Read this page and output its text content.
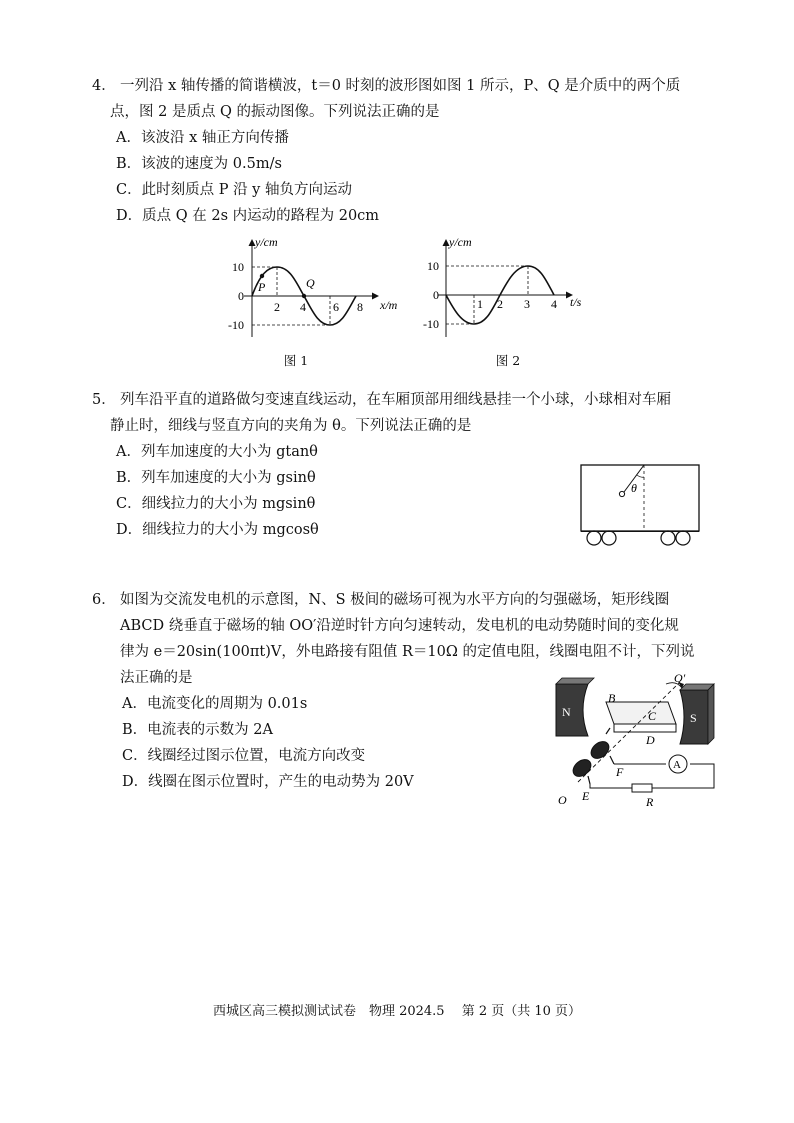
4． 一列沿 x 轴传播的简谐横波，t＝0 时刻的波形图如图 1 所示，P、Q 是介质中的两个质
点，图 2 是质点 Q 的振动图像。下列说法正确的是
A．该波沿 x 轴正方向传播
B．该波的速度为 0.5m/s
C．此时刻质点 P 沿 y 轴负方向运动
D．质点 Q 在 2s 内运动的路程为 20cm
y/cm
x/m
10
0
-10
2 4 6 8
P	Q
图 1
y/cm
t/s
10
0
-10
1 2 3 4
图 2
5． 列车沿平直的道路做匀变速直线运动，在车厢顶部用细线悬挂一个小球，小球相对车厢
静止时，细线与竖直方向的夹角为 θ。下列说法正确的是
A．列车加速度的大小为 gtanθ
B．列车加速度的大小为 gsinθ
C．细线拉力的大小为 mgsinθ
D．细线拉力的大小为 mgcosθ
θ
6． 如图为交流发电机的示意图，N、S 极间的磁场可视为水平方向的匀强磁场，矩形线圈
ABCD 绕垂直于磁场的轴 OO′沿逆时针方向匀速转动，发电机的电动势随时间的变化规
律为 e＝20sin(100πt)V，外电路接有阻值 R＝10Ω 的定值电阻，线圈电阻不计，下列说
法正确的是
A．电流变化的周期为 0.01s
B．电流表的示数为 2A
C．线圈经过图示位置，电流方向改变
D．线圈在图示位置时，产生的电动势为 20V
N	S
A
B
C
D
O′
O E
F
R
西城区高三模拟测试试卷　物理 2024.5　 第 2 页（共 10 页）
